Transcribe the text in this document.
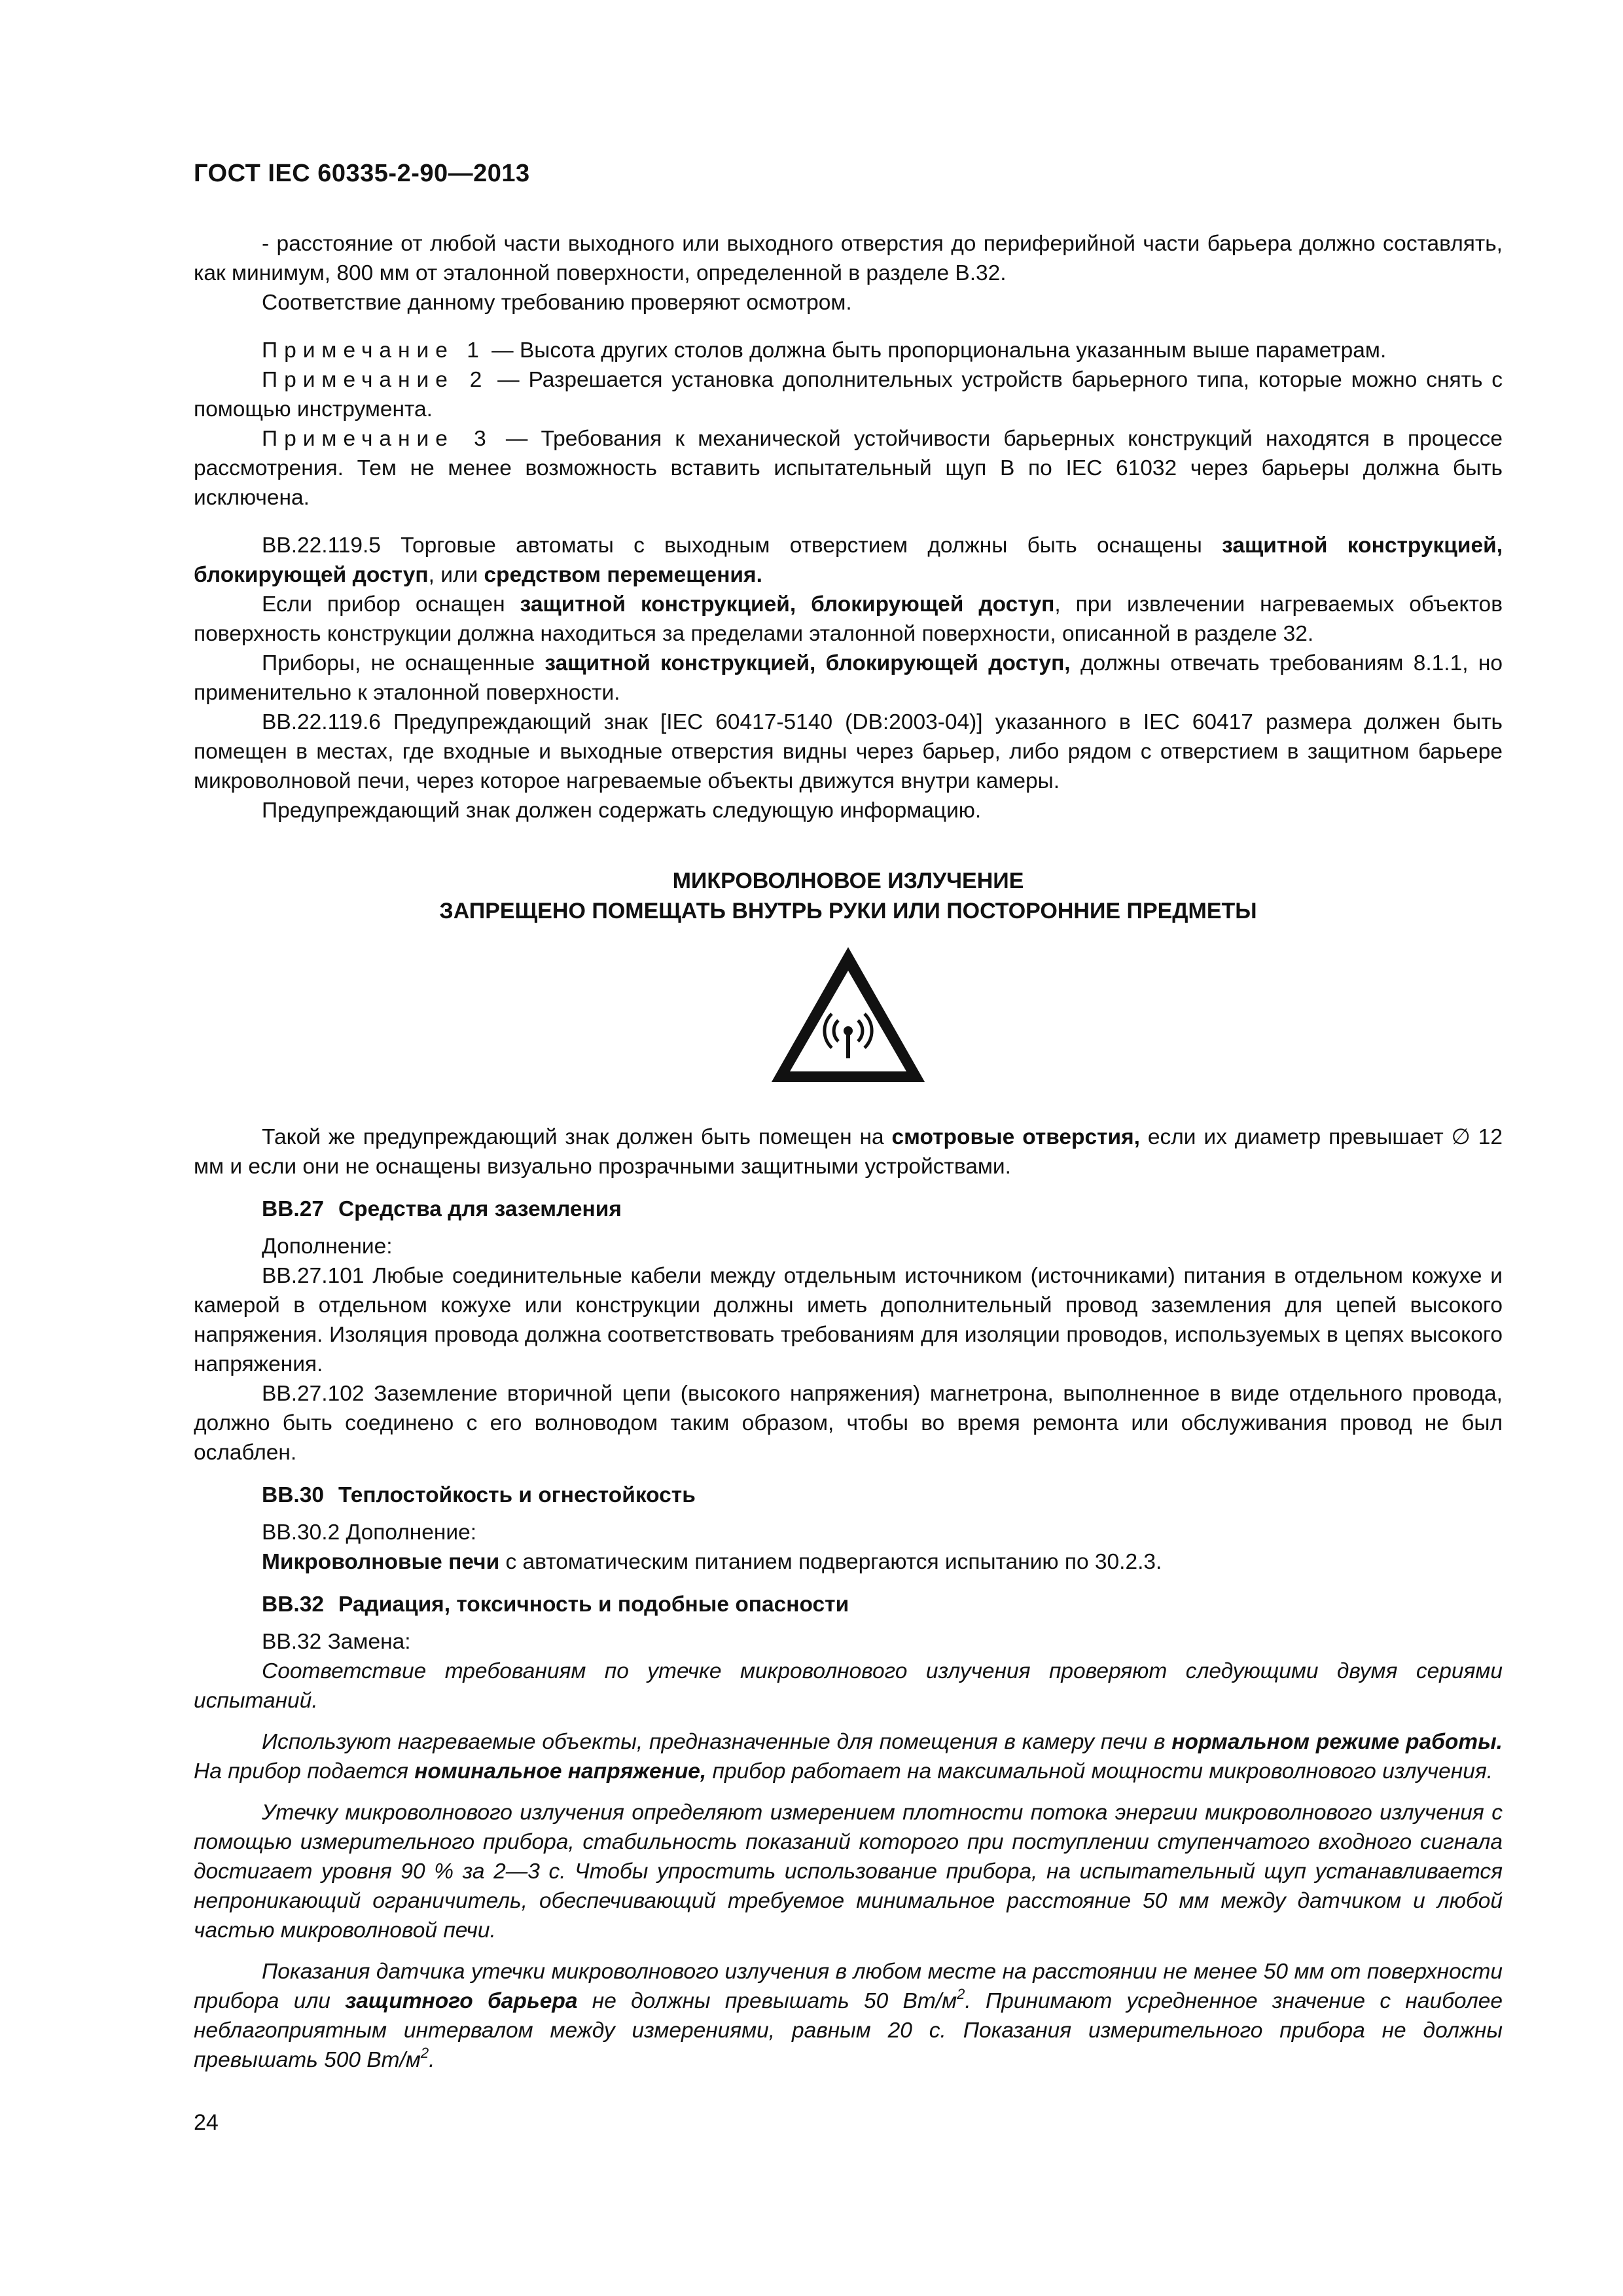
ГОСТ IEC 60335-2-90—2013

- расстояние от любой части выходного или выходного отверстия до периферийной части барьера должно составлять, как минимум, 800 мм от эталонной поверхности, определенной в разделе В.32.

Соответствие данному требованию проверяют осмотром.

Примечание 1 — Высота других столов должна быть пропорциональна указанным выше параметрам.

Примечание 2 — Разрешается установка дополнительных устройств барьерного типа, которые можно снять с помощью инструмента.

Примечание 3 — Требования к механической устойчивости барьерных конструкций находятся в процессе рассмотрения. Тем не менее возможность вставить испытательный щуп В по IEC 61032 через барьеры должна быть исключена.

ВВ.22.119.5 Торговые автоматы с выходным отверстием должны быть оснащены защитной конструкцией, блокирующей доступ, или средством перемещения.

Если прибор оснащен защитной конструкцией, блокирующей доступ, при извлечении нагреваемых объектов поверхность конструкции должна находиться за пределами эталонной поверхности, описанной в разделе 32.

Приборы, не оснащенные защитной конструкцией, блокирующей доступ, должны отвечать требованиям 8.1.1, но применительно к эталонной поверхности.

ВВ.22.119.6 Предупреждающий знак [IEC 60417-5140 (DB:2003-04)] указанного в IEC 60417 размера должен быть помещен в местах, где входные и выходные отверстия видны через барьер, либо рядом с отверстием в защитном барьере микроволновой печи, через которое нагреваемые объекты движутся внутри камеры.

Предупреждающий знак должен содержать следующую информацию.

МИКРОВОЛНОВОЕ ИЗЛУЧЕНИЕ

ЗАПРЕЩЕНО ПОМЕЩАТЬ ВНУТРЬ РУКИ ИЛИ ПОСТОРОННИЕ ПРЕДМЕТЫ

Такой же предупреждающий знак должен быть помещен на смотровые отверстия, если их диаметр превышает ∅ 12 мм и если они не оснащены визуально прозрачными защитными устройствами.

ВВ.27 Средства для заземления

Дополнение:

ВВ.27.101 Любые соединительные кабели между отдельным источником (источниками) питания в отдельном кожухе и камерой в отдельном кожухе или конструкции должны иметь дополнительный провод заземления для цепей высокого напряжения. Изоляция провода должна соответствовать требованиям для изоляции проводов, используемых в цепях высокого напряжения.

ВВ.27.102 Заземление вторичной цепи (высокого напряжения) магнетрона, выполненное в виде отдельного провода, должно быть соединено с его волноводом таким образом, чтобы во время ремонта или обслуживания провод не был ослаблен.

ВВ.30 Теплостойкость и огнестойкость

ВВ.30.2 Дополнение:

Микроволновые печи с автоматическим питанием подвергаются испытанию по 30.2.3.

ВВ.32 Радиация, токсичность и подобные опасности

ВВ.32 Замена:

Соответствие требованиям по утечке микроволнового излучения проверяют следующими двумя сериями испытаний.

Используют нагреваемые объекты, предназначенные для помещения в камеру печи в нормальном режиме работы. На прибор подается номинальное напряжение, прибор работает на максимальной мощности микроволнового излучения.

Утечку микроволнового излучения определяют измерением плотности потока энергии микроволнового излучения с помощью измерительного прибора, стабильность показаний которого при поступлении ступенчатого входного сигнала достигает уровня 90 % за 2—3 с. Чтобы упростить использование прибора, на испытательный щуп устанавливается непроникающий ограничитель, обеспечивающий требуемое минимальное расстояние 50 мм между датчиком и любой частью микроволновой печи.

Показания датчика утечки микроволнового излучения в любом месте на расстоянии не менее 50 мм от поверхности прибора или защитного барьера не должны превышать 50 $Вт/м^2$. Принимают усредненное значение с наиболее неблагоприятным интервалом между измерениями, равным 20 с. Показания измерительного прибора не должны превышать 500 $Вт/м^2$.

24
